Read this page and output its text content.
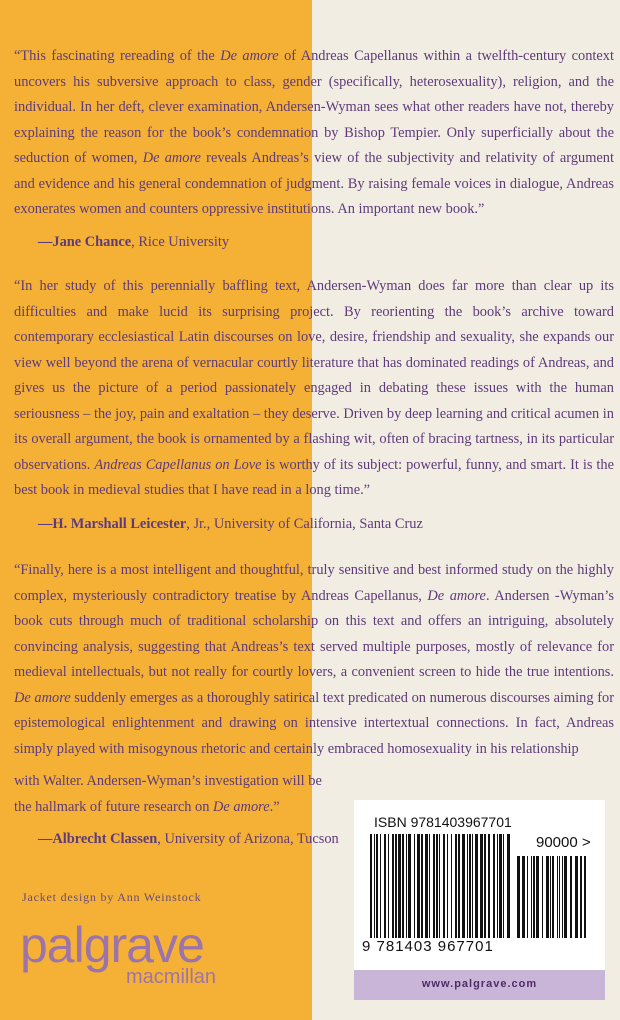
“This fascinating rereading of the De amore of Andreas Capellanus within a twelfth-century context uncovers his subversive approach to class, gender (specifically, heterosexuality), religion, and the individual. In her deft, clever examination, Andersen-Wyman sees what other readers have not, thereby explaining the reason for the book’s condemnation by Bishop Tempier. Only superficially about the seduction of women, De amore reveals Andreas’s view of the subjectivity and relativity of argument and evidence and his general condemnation of judgment. By raising female voices in dialogue, Andreas exonerates women and counters oppressive institutions. An important new book.”

—Jane Chance, Rice University

“In her study of this perennially baffling text, Andersen-Wyman does far more than clear up its difficulties and make lucid its surprising project. By reorienting the book’s archive toward contemporary ecclesiastical Latin discourses on love, desire, friendship and sexuality, she expands our view well beyond the arena of vernacular courtly literature that has dominated readings of Andreas, and gives us the picture of a period passionately engaged in debating these issues with the human seriousness – the joy, pain and exaltation – they deserve. Driven by deep learning and critical acumen in its overall argument, the book is ornamented by a flashing wit, often of bracing tartness, in its particular observations. Andreas Capellanus on Love is worthy of its subject: powerful, funny, and smart. It is the best book in medieval studies that I have read in a long time.”

—H. Marshall Leicester, Jr., University of California, Santa Cruz

“Finally, here is a most intelligent and thoughtful, truly sensitive and best informed study on the highly complex, mysteriously contradictory treatise by Andreas Capellanus, De amore. Andersen -Wyman’s book cuts through much of traditional scholarship on this text and offers an intriguing, absolutely convincing analysis, suggesting that Andreas’s text served multiple purposes, mostly of relevance for medieval intellectuals, but not really for courtly lovers, a convenient screen to hide the true intentions. De amore suddenly emerges as a thoroughly satirical text predicated on numerous discourses aiming for epistemological enlightenment and drawing on intensive intertextual connections. In fact, Andreas simply played with misogynous rhetoric and certainly embraced homosexuality in his relationship

with Walter. Andersen-Wyman’s investigation will be
the hallmark of future research on De amore.”
—Albrecht Classen, University of Arizona, Tucson
Jacket design by Ann Weinstock
palgrave
macmillan
ISBN 9781403967701
90000 >
9 781403 967701
www.palgrave.com
